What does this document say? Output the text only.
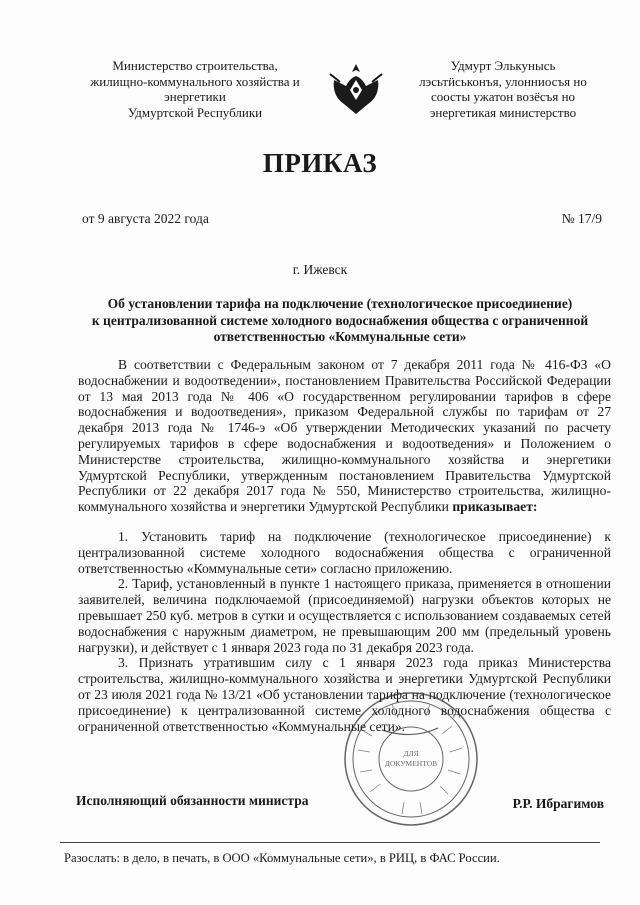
Министерство строительства,
жилищно-коммунального хозяйства и
энергетики
Удмуртской Республики
Удмурт Элькунысь
лэсьтӥськонъя, улонниосъя но
соосты ужатон возёсъя но
энергетикая министерство
ПРИКАЗ
от 9 августа 2022 года	№ 17/9
г. Ижевск
Об установлении тарифа на подключение (технологическое присоединение)
к централизованной системе холодного водоснабжения общества с ограниченной
ответственностью «Коммунальные сети»

В соответствии с Федеральным законом от 7 декабря 2011 года № 416-ФЗ «О водоснабжении и водоотведении», постановлением Правительства Российской Федерации от 13 мая 2013 года № 406 «О государственном регулировании тарифов в сфере водоснабжения и водоотведения», приказом Федеральной службы по тарифам от 27 декабря 2013 года № 1746-э «Об утверждении Методических указаний по расчету регулируемых тарифов в сфере водоснабжения и водоотведения» и Положением о Министерстве строительства, жилищно-коммунального хозяйства и энергетики Удмуртской Республики, утвержденным постановлением Правительства Удмуртской Республики от 22 декабря 2017 года № 550, Министерство строительства, жилищно-коммунального хозяйства и энергетики Удмуртской Республики приказывает:

1. Установить тариф на подключение (технологическое присоединение) к централизованной системе холодного водоснабжения общества с ограниченной ответственностью «Коммунальные сети» согласно приложению.

2. Тариф, установленный в пункте 1 настоящего приказа, применяется в отношении заявителей, величина подключаемой (присоединяемой) нагрузки объектов которых не превышает 250 куб. метров в сутки и осуществляется с использованием создаваемых сетей водоснабжения с наружным диаметром, не превышающим 200 мм (предельный уровень нагрузки), и действует с 1 января 2023 года по 31 декабря 2023 года.

3. Признать утратившим силу с 1 января 2023 года приказ Министерства строительства, жилищно-коммунального хозяйства и энергетики Удмуртской Республики от 23 июля 2021 года № 13/21 «Об установлении тарифа на подключение (технологическое присоединение) к централизованной системе холодного водоснабжения общества с ограниченной ответственностью «Коммунальные сети».

Исполняющий обязанности министра	Р.Р. Ибрагимов
ДЛЯ
ДОКУМЕНТОВ
Разослать: в дело, в печать, в ООО «Коммунальные сети», в РИЦ, в ФАС России.
